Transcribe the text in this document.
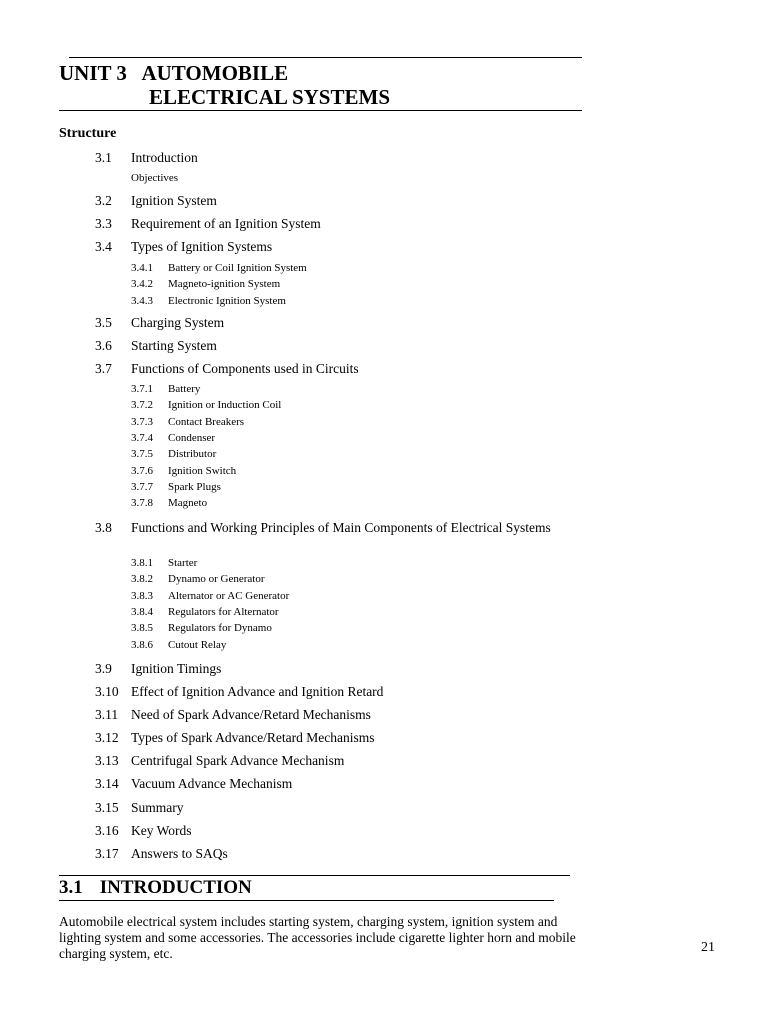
UNIT 3   AUTOMOBILE
ELECTRICAL SYSTEMS
Structure
3.1 Introduction
Objectives
3.2 Ignition System
3.3 Requirement of an Ignition System
3.4 Types of Ignition Systems
3.4.1 Battery or Coil Ignition System
3.4.2 Magneto-ignition System
3.4.3 Electronic Ignition System
3.5 Charging System
3.6 Starting System
3.7 Functions of Components used in Circuits
3.7.1 Battery
3.7.2 Ignition or Induction Coil
3.7.3 Contact Breakers
3.7.4 Condenser
3.7.5 Distributor
3.7.6 Ignition Switch
3.7.7 Spark Plugs
3.7.8 Magneto
3.8 Functions and Working Principles of Main Components of Electrical Systems
3.8.1 Starter
3.8.2 Dynamo or Generator
3.8.3 Alternator or AC Generator
3.8.4 Regulators for Alternator
3.8.5 Regulators for Dynamo
3.8.6 Cutout Relay
3.9 Ignition Timings
3.10 Effect of Ignition Advance and Ignition Retard
3.11 Need of Spark Advance/Retard Mechanisms
3.12 Types of Spark Advance/Retard Mechanisms
3.13 Centrifugal Spark Advance Mechanism
3.14 Vacuum Advance Mechanism
3.15 Summary
3.16 Key Words
3.17 Answers to SAQs
3.1 INTRODUCTION

Automobile electrical system includes starting system, charging system, ignition system and lighting system and some accessories. The accessories include cigarette lighter horn and mobile charging system, etc.	21
